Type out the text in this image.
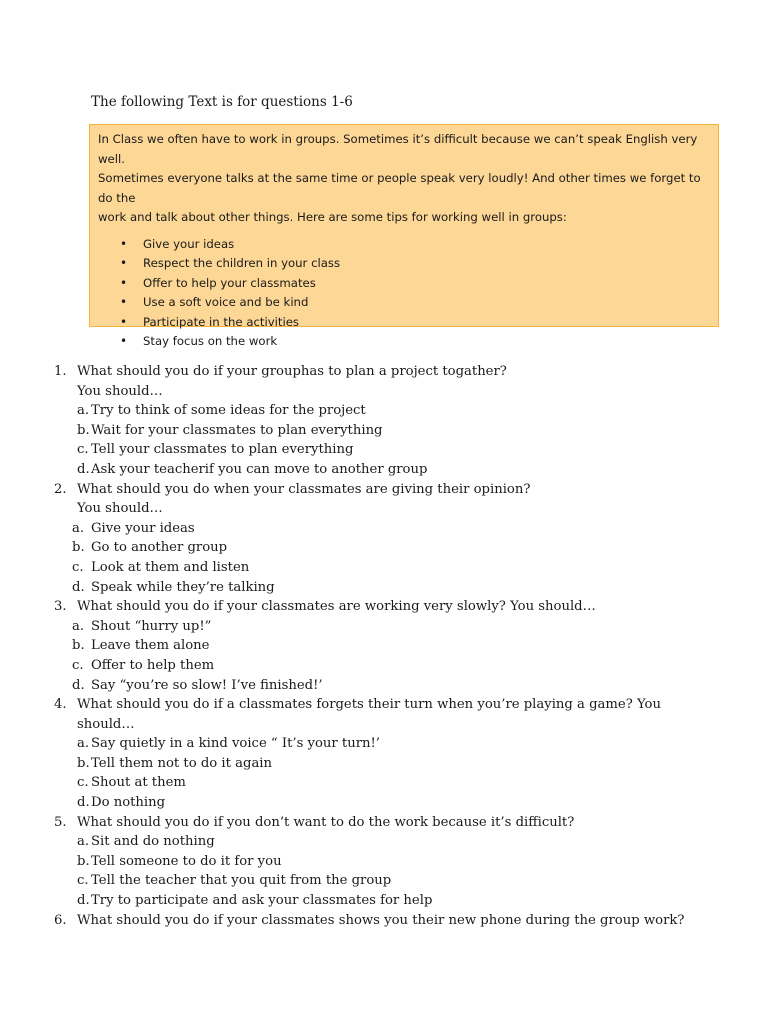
The following Text is for questions 1-6

In Class we often have to work in groups. Sometimes it’s difficult because we can’t speak English very well.
Sometimes everyone talks at the same time or people speak very loudly! And other times we forget to do the
work and talk about other things. Here are some tips for working well in groups:

• Give your ideas
• Respect the children in your class
• Offer to help your classmates
• Use a soft voice and be kind
• Participate in the activities
• Stay focus on the work
1. What should you do if your grouphas to plan a project togather?
You should…
a. Try to think of some ideas for the project
b. Wait for your classmates to plan everything
c. Tell your classmates to plan everything
d. Ask your teacherif you can move to another group
2. What should you do when your classmates are giving their opinion?
You should…
a. Give your ideas
b. Go to another group
c. Look at them and listen
d. Speak while they’re talking
3. What should you do if your classmates are working very slowly? You should…
a. Shout “hurry up!”
b. Leave them alone
c. Offer to help them
d. Say “you’re so slow! I’ve finished!’
4. What should you do if a classmates forgets their turn when you’re playing a game? You
should…
a. Say quietly in a kind voice “ It’s your turn!’
b. Tell them not to do it again
c. Shout at them
d. Do nothing
5. What should you do if you don’t want to do the work because it’s difficult?
a. Sit and do nothing
b. Tell someone to do it for you
c. Tell the teacher that you quit from the group
d. Try to participate and ask your classmates for help
6. What should you do if your classmates shows you their new phone during the group work?
